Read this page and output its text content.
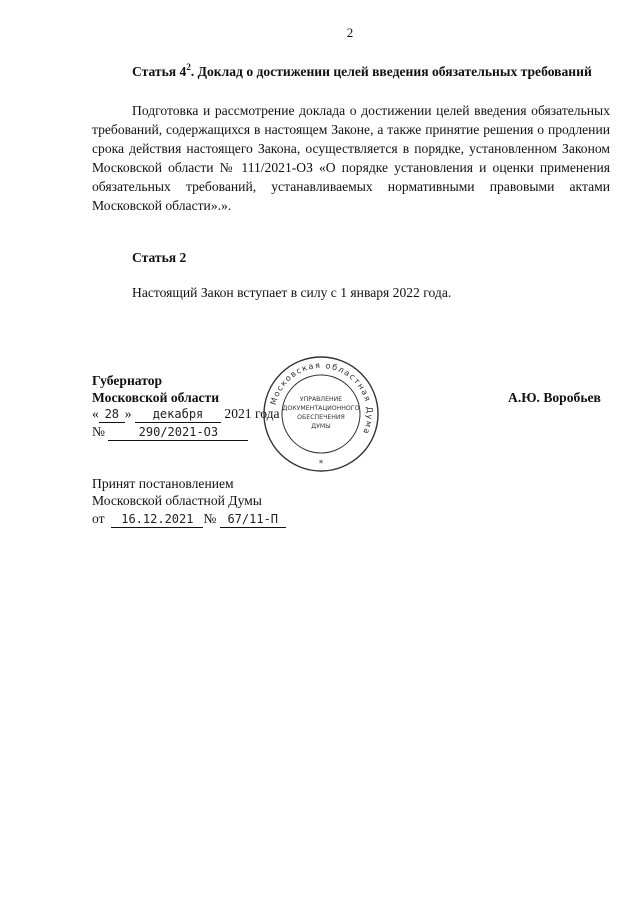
2
Статья $4^2$. Доклад о достижении целей введения обязательных требований
Подготовка и рассмотрение доклада о достижении целей введения обязательных требований, содержащихся в настоящем Законе, а также принятие решения о продлении срока действия настоящего Закона, осуществляется в порядке, установленном Законом Московской области № 111/2021-ОЗ «О порядке установления и оценки применения обязательных требований, устанавливаемых нормативными правовыми актами Московской области».».
Статья 2
Настоящий Закон вступает в силу с 1 января 2022 года.
Московская областная Дума
УПРАВЛЕНИЕ
ДОКУМЕНТАЦИОННОГО
ОБЕСПЕЧЕНИЯ
ДУМЫ
*
Губернатор
Московской области	А.Ю. Воробьев
« 28 » декабря 2021 года
№	290/2021-ОЗ
Принят постановлением
Московской областной Думы
от 16.12.2021 № 67/11-П
